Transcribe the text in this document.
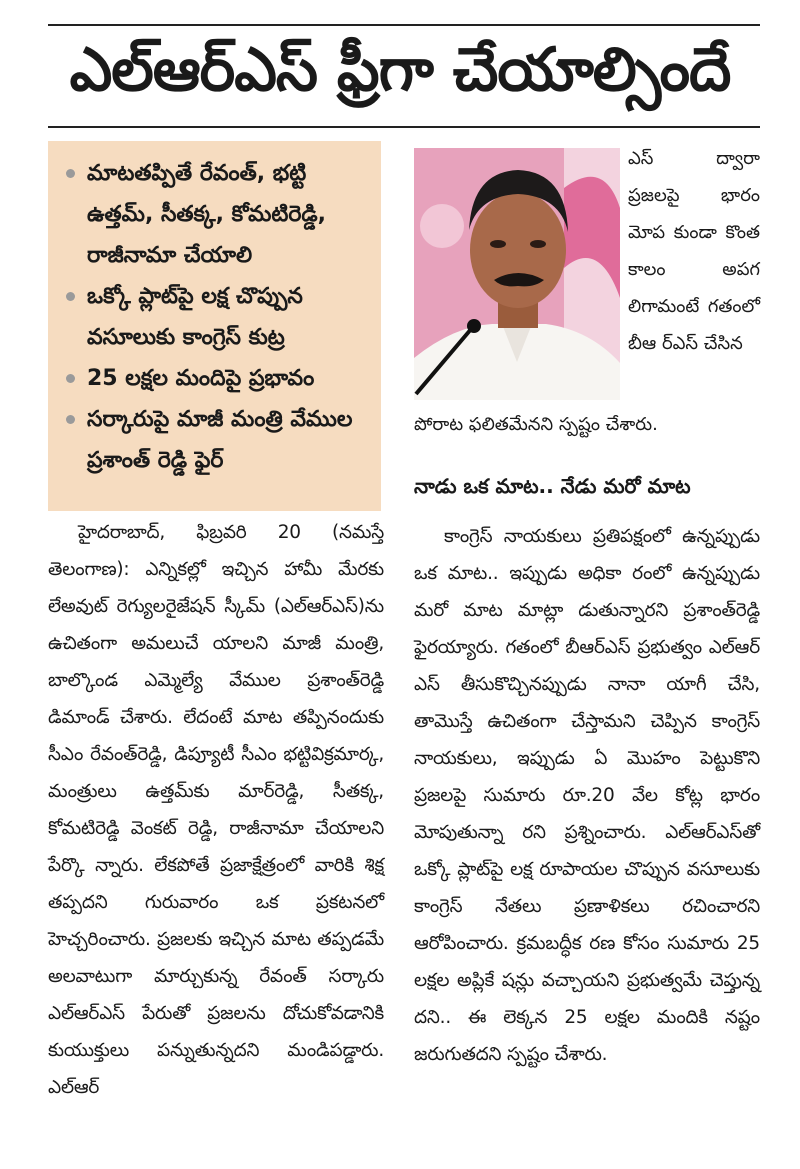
ఎల్‌ఆర్‌ఎస్‌ ఫ్రీగా చేయాల్సిందే
మాటతప్పితే రేవంత్‌, భట్టి ఉత్తమ్‌, సీతక్క, కోమటిరెడ్డి, రాజీనామా చేయాలి
ఒక్కో ప్లాట్‌పై లక్ష చొప్పున వసూలుకు కాంగ్రెస్‌ కుట్ర
25 లక్షల మందిపై ప్రభావం
సర్కారుపై మాజీ మంత్రి వేముల ప్రశాంత్‌ రెడ్డి ఫైర్‌

ఎస్‌ ద్వారా ప్రజలపై భారం మోప కుండా కొంత కాలం అపగ లిగామంటే గతంలో బీఆ ర్‌ఎస్‌ చేసిన

పోరాట ఫలితమేనని స్పష్టం చేశారు.
నాడు ఒక మాట.. నేడు మరో మాట

హైదరాబాద్‌, ఫిబ్రవరి 20 (నమస్తే తెలంగాణ): ఎన్నికల్లో ఇచ్చిన హామీ మేరకు లేఅవుట్‌ రెగ్యులరైజేషన్‌ స్కీమ్‌ (ఎల్‌ఆర్‌ఎస్‌)ను ఉచితంగా అమలుచే యాలని మాజీ మంత్రి, బాల్కొండ ఎమ్మెల్యే వేముల ప్రశాంత్‌రెడ్డి డిమాండ్‌ చేశారు. లేదంటే మాట తప్పినందుకు సీఎం రేవంత్‌రెడ్డి, డిప్యూటీ సీఎం భట్టివిక్రమార్క, మంత్రులు ఉత్తమ్‌కు మార్‌రెడ్డి, సీతక్క, కోమటిరెడ్డి వెంకట్‌ రెడ్డి, రాజీనామా చేయాలని పేర్కొ న్నారు. లేకపోతే ప్రజాక్షేత్రంలో వారికి శిక్ష తప్పదని గురువారం ఒక ప్రకటనలో హెచ్చరించారు. ప్రజలకు ఇచ్చిన మాట తప్పడమే అలవాటుగా మార్చుకున్న రేవంత్‌ సర్కారు ఎల్‌ఆర్‌ఎస్‌ పేరుతో ప్రజలను దోచుకోవడానికి కుయుక్తులు పన్నుతున్నదని మండిపడ్డారు. ఎల్‌ఆర్‌

కాంగ్రెస్‌ నాయకులు ప్రతిపక్షంలో ఉన్నప్పుడు ఒక మాట.. ఇప్పుడు అధికా రంలో ఉన్నప్పుడు మరో మాట మాట్లా డుతున్నారని ప్రశాంత్‌రెడ్డి ఫైరయ్యారు. గతంలో బీఆర్‌ఎస్‌ ప్రభుత్వం ఎల్‌ఆర్‌ ఎస్‌ తీసుకొచ్చినప్పుడు నానా యాగీ చేసి, తామొస్తే ఉచితంగా చేస్తామని చెప్పిన కాంగ్రెస్‌ నాయకులు, ఇప్పుడు ఏ మొహం పెట్టుకొని ప్రజలపై సుమారు రూ.20 వేల కోట్ల భారం మోపుతున్నా రని ప్రశ్నించారు. ఎల్‌ఆర్‌ఎస్‌తో ఒక్కో ప్లాట్‌పై లక్ష రూపాయల చొప్పున వసూలుకు కాంగ్రెస్‌ నేతలు ప్రణాళికలు రచించారని ఆరోపించారు. క్రమబద్ధీక రణ కోసం సుమారు 25 లక్షల అప్లికే షన్లు వచ్చాయని ప్రభుత్వమే చెప్తున్న దని.. ఈ లెక్కన 25 లక్షల మందికి నష్టం జరుగుతదని స్పష్టం చేశారు.
